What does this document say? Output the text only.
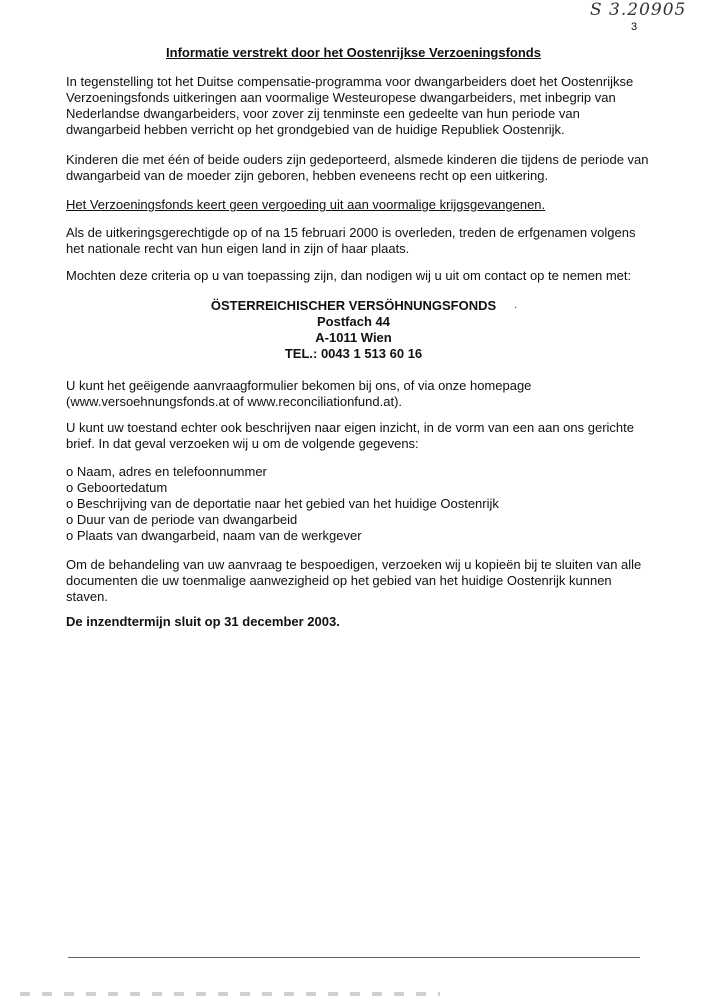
S 3.20905
3
Informatie verstrekt door het Oostenrijkse Verzoeningsfonds

In tegenstelling tot het Duitse compensatie-programma voor dwangarbeiders doet het Oostenrijkse Verzoeningsfonds uitkeringen aan voormalige Westeuropese dwangarbeiders, met inbegrip van Nederlandse dwangarbeiders, voor zover zij tenminste een gedeelte van hun periode van dwangarbeid hebben verricht op het grondgebied van de huidige Republiek Oostenrijk.

Kinderen die met één of beide ouders zijn gedeporteerd, alsmede kinderen die tijdens de periode van dwangarbeid van de moeder zijn geboren, hebben eveneens recht op een uitkering.

Het Verzoeningsfonds keert geen vergoeding uit aan voormalige krijgsgevangenen.

Als de uitkeringsgerechtigde op of na 15 februari 2000 is overleden, treden de erfgenamen volgens het nationale recht van hun eigen land in zijn of haar plaats.

Mochten deze criteria op u van toepassing zijn, dan nodigen wij u uit om contact op te nemen met:

ÖSTERREICHISCHER VERSÖHNUNGSFONDS
Postfach 44
A-1011 Wien
TEL.: 0043 1 513 60 16
·

U kunt het geëigende aanvraagformulier bekomen bij ons, of via onze homepage (www.versoehnungsfonds.at of www.reconciliationfund.at).

U kunt uw toestand echter ook beschrijven naar eigen inzicht, in de vorm van een aan ons gerichte brief. In dat geval verzoeken wij u om de volgende gegevens:

o Naam, adres en telefoonnummer
o Geboortedatum
o Beschrijving van de deportatie naar het gebied van het huidige Oostenrijk
o Duur van de periode van dwangarbeid
o Plaats van dwangarbeid, naam van de werkgever

Om de behandeling van uw aanvraag te bespoedigen, verzoeken wij u kopieën bij te sluiten van alle documenten die uw toenmalige aanwezigheid op het gebied van het huidige Oostenrijk kunnen staven.

De inzendtermijn sluit op 31 december 2003.
